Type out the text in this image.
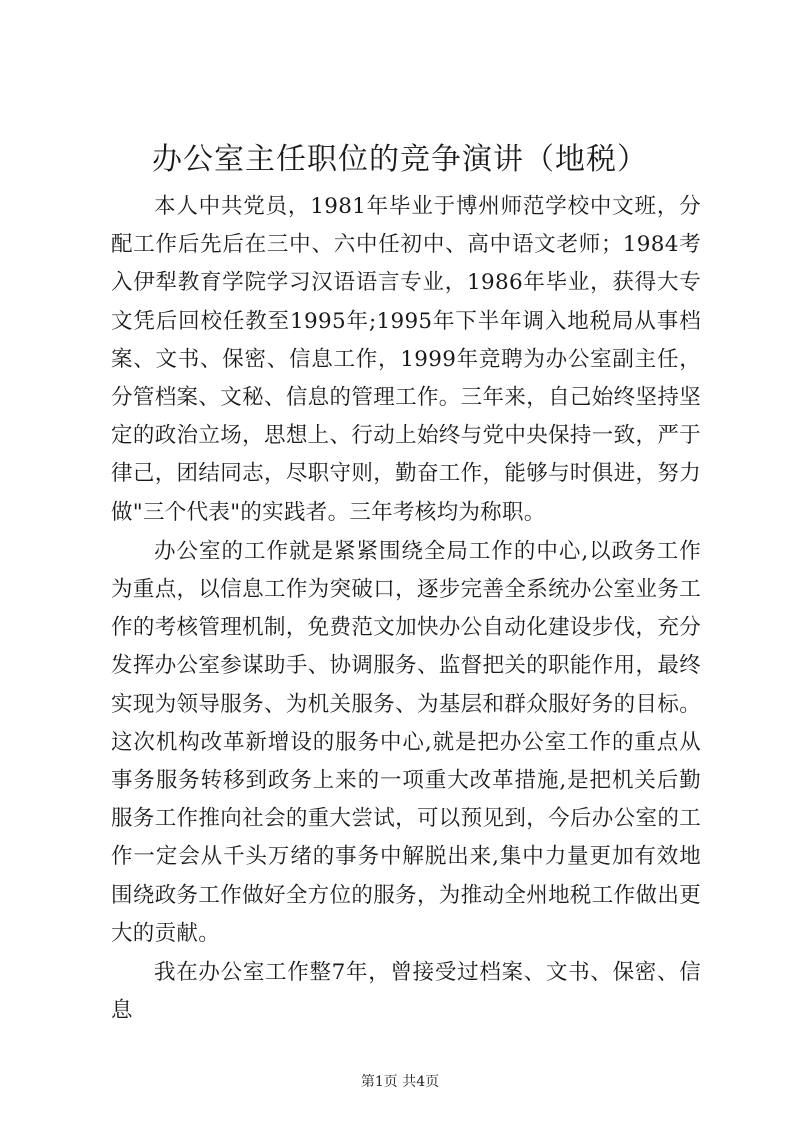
办公室主任职位的竞争演讲（地税）

本人中共党员，1981年毕业于博州师范学校中文班，分配工作后先后在三中、六中任初中、高中语文老师；1984考入伊犁教育学院学习汉语语言专业，1986年毕业，获得大专文凭后回校任教至1995年;1995年下半年调入地税局从事档案、文书、保密、信息工作，1999年竞聘为办公室副主任，分管档案、文秘、信息的管理工作。三年来，自己始终坚持坚定的政治立场，思想上、行动上始终与党中央保持一致，严于律己，团结同志，尽职守则，勤奋工作，能够与时俱进，努力做"三个代表"的实践者。三年考核均为称职。

办公室的工作就是紧紧围绕全局工作的中心,以政务工作为重点，以信息工作为突破口，逐步完善全系统办公室业务工作的考核管理机制，免费范文加快办公自动化建设步伐，充分发挥办公室参谋助手、协调服务、监督把关的职能作用，最终实现为领导服务、为机关服务、为基层和群众服好务的目标。这次机构改革新增设的服务中心,就是把办公室工作的重点从事务服务转移到政务上来的一项重大改革措施,是把机关后勤服务工作推向社会的重大尝试，可以预见到，今后办公室的工作一定会从千头万绪的事务中解脱出来,集中力量更加有效地围绕政务工作做好全方位的服务，为推动全州地税工作做出更大的贡献。

我在办公室工作整7年，曾接受过档案、文书、保密、信息

第1页 共4页
